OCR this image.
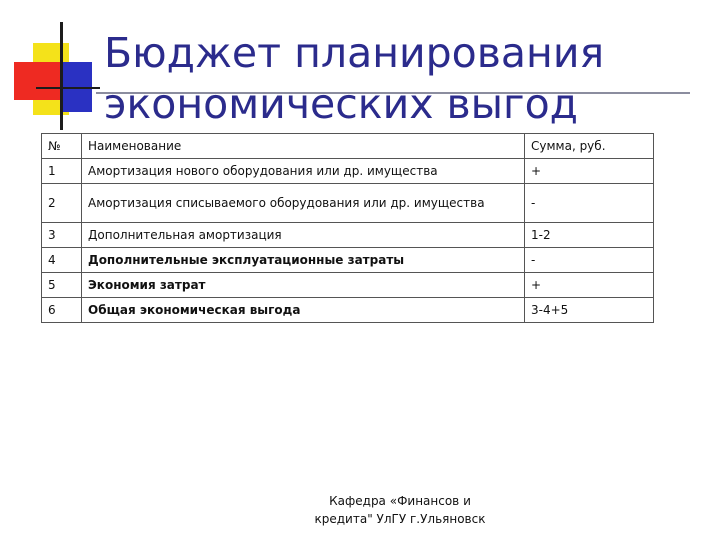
Бюджет планирования
экономических выгод
№	Наименование	Сумма, руб.
1	Амортизация нового оборудования или др. имущества	+
2	Амортизация списываемого оборудования или др. имущества	-
3	Дополнительная амортизация	1-2
4	Дополнительные эксплуатационные затраты	-
5	Экономия затрат	+
6	Общая экономическая выгода	3-4+5
Кафедра «Финансов и
кредита" УлГУ г.Ульяновск
